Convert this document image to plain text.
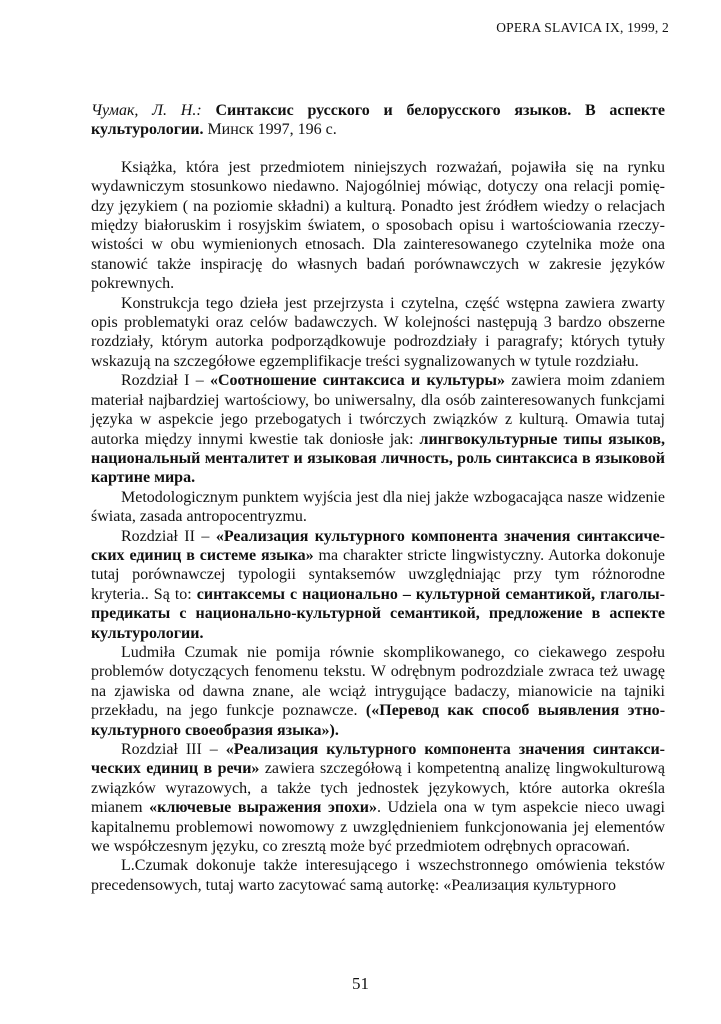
OPERA SLAVICA IX, 1999, 2

Чумак, Л. Н.: Синтаксис русского и белорусского языков. В аспекте культурологии. Минск 1997, 196 с.

Książka, która jest przedmiotem niniejszych rozważań, pojawiła się na rynku wydawniczym stosunkowo niedawno. Najogólniej mówiąc, dotyczy ona relacji pomiędzy językiem ( na poziomie składni) a kulturą. Ponadto jest źródłem wiedzy o relacjach między białoruskim i rosyjskim światem, o sposobach opisu i wartościowania rzeczywistości w obu wymienionych etnosach. Dla zainteresowanego czytelnika może ona stanowić także inspirację do własnych badań porównawczych w zakresie języków pokrewnych.

Konstrukcja tego dzieła jest przejrzysta i czytelna, część wstępna zawiera zwarty opis problematyki oraz celów badawczych. W kolejności następują 3 bardzo obszerne rozdziały, którym autorka podporządkowuje podrozdziały i paragrafy; których tytuły wskazują na szczegółowe egzemplifikacje treści sygnalizowanych w tytule rozdziału.

Rozdział I – «Соотношение синтаксиса и культуры» zawiera moim zdaniem materiał najbardziej wartościowy, bo uniwersalny, dla osób zainteresowanych funkcjami języka w aspekcie jego przebogatych i twórczych związków z kulturą. Omawia tutaj autorka między innymi kwestie tak doniosłe jak: лингвокультурные типы языков, национальный менталитет и языковая личность, роль синтаксиса в языковой картине мира.

Metodologicznym punktem wyjścia jest dla niej jakże wzbogacająca nasze widzenie świata, zasada antropocentryzmu.

Rozdział II – «Реализация культурного компонента значения синтаксических единиц в системе языка» ma charakter stricte lingwistyczny. Autorka dokonuje tutaj porównawczej typologii syntaksemów uwzględniając przy tym różnorodne kryteria.. Są to: синтаксемы с национально – культурной семантикой, глаголы-предикаты с национально-культурной семантикой, предложение в аспекте культурологии.

Ludmiła Czumak nie pomija równie skomplikowanego, co ciekawego zespołu problemów dotyczących fenomenu tekstu. W odrębnym podrozdziale zwraca też uwagę na zjawiska od dawna znane, ale wciąż intrygujące badaczy, mianowicie na tajniki przekładu, na jego funkcje poznawcze. («Перевод как способ выявления этнокультурного своеобразия языка»).

Rozdział III – «Реализация культурного компонента значения синтаксических единиц в речи» zawiera szczegółową i kompetentną analizę lingwokulturową związków wyrazowych, a także tych jednostek językowych, które autorka określa mianem «ключевые выражения эпохи». Udziela ona w tym aspekcie nieco uwagi kapitalnemu problemowi nowomowy z uwzględnieniem funkcjonowania jej elementów we współczesnym języku, co zresztą może być przedmiotem odrębnych opracowań.

L.Czumak dokonuje także interesującego i wszechstronnego omówienia tekstów precedensowych, tutaj warto zacytować samą autorkę: «Реализация культурного

51
